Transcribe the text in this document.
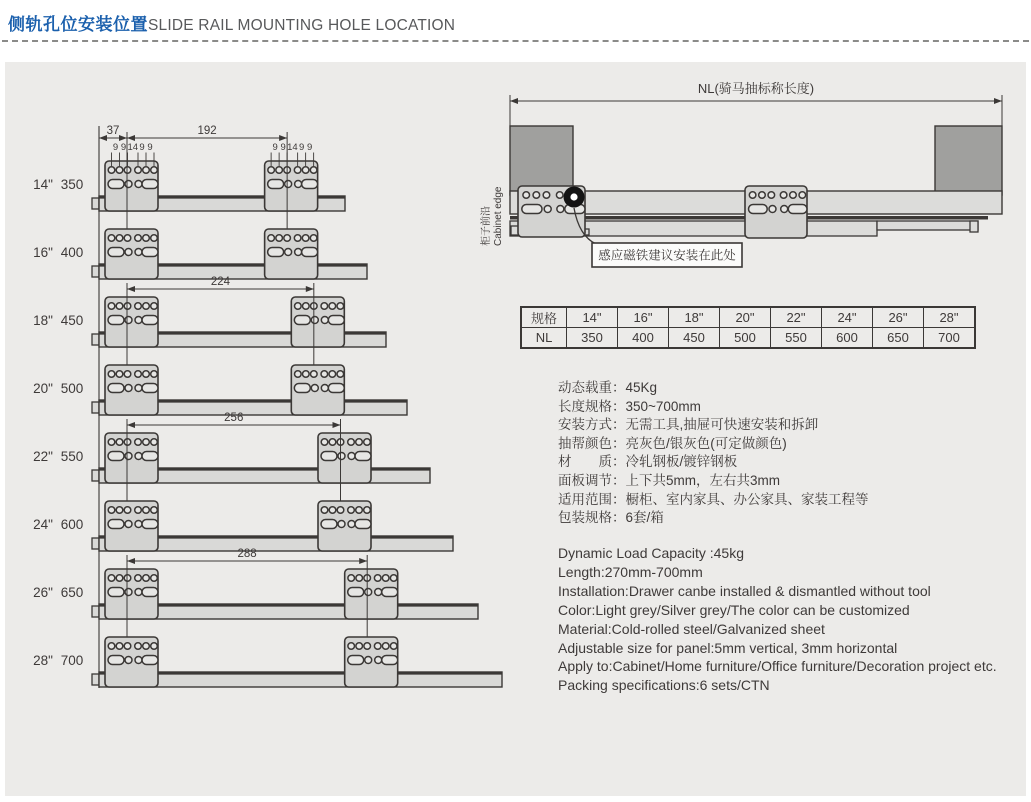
侧轨孔位安装位置SLIDE RAIL MOUNTING HOLE LOCATION
14" 350
192
37
9 9 14 9 9	9 9 14 9 9
16" 400
18" 450
224
20" 500
22" 550
256
24" 600
26" 650
288
28" 700
NL(骑马抽标称长度)
感应磁铁建议安装在此处
柜子前沿 Cabinet edge
规格	14"	16"	18"	20"	22"	24"	26"	28"
NL	350	400	450	500	550	600	650	700
动态载重：45Kg
长度规格：350~700mm
安装方式：无需工具,抽屉可快速安装和拆卸
抽帮颜色：亮灰色/银灰色(可定做颜色)
材　　质：冷轧钢板/镀锌钢板
面板调节：上下共5mm，左右共3mm
适用范围：橱柜、室内家具、办公家具、家装工程等
包装规格：6套/箱
Dynamic Load Capacity :45kg
Length:270mm-700mm
Installation:Drawer canbe installed & dismantled without tool
Color:Light grey/Silver grey/The color can be customized
Material:Cold-rolled steel/Galvanized sheet
Adjustable size for panel:5mm vertical, 3mm horizontal
Apply to:Cabinet/Home furniture/Office furniture/Decoration project etc.
Packing specifications:6 sets/CTN
